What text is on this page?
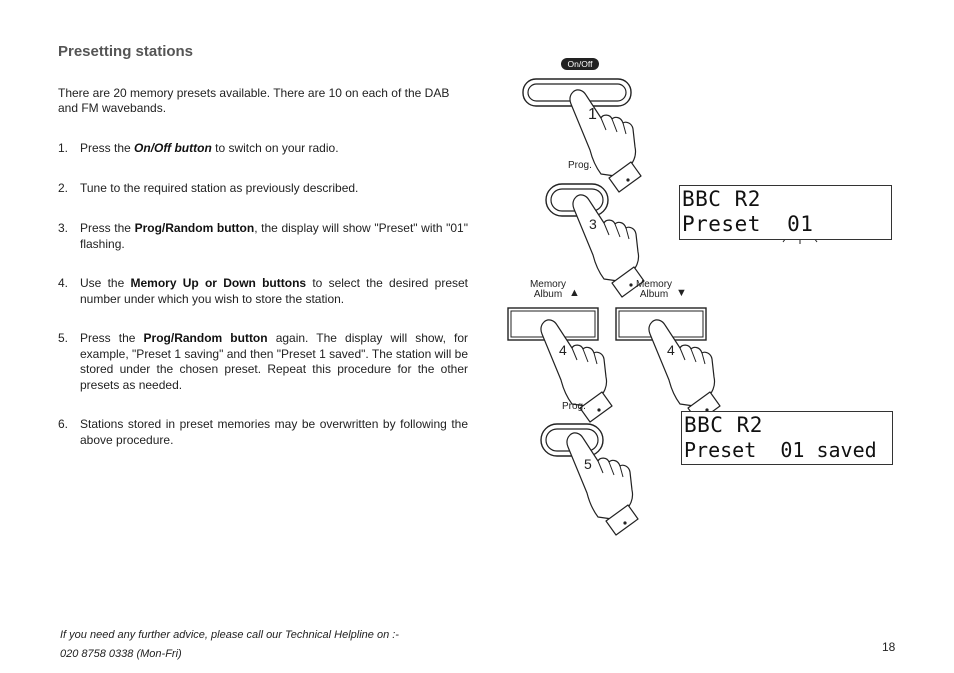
Presetting stations
There are 20 memory presets available. There are 10 on each of the DAB and FM wavebands.
1. Press the On/Off button to switch on your radio.
2. Tune to the required station as previously described.
3. Press the Prog/Random button, the display will show "Preset" with "01" flashing.
4. Use the Memory Up or Down buttons to select the desired preset number under which you wish to store the station.
5. Press the Prog/Random button again. The display will show, for example, "Preset 1 saving" and then "Preset 1 saved". The station will be stored under the chosen preset. Repeat this procedure for the other presets as needed.
6. Stations stored in preset memories may be overwritten by following the above procedure.
If you need any further advice, please call our Technical Helpline on :-
020 8758 0338 (Mon-Fri)	18
On/Off
Prog.
Prog.
Memory
Album ▲
Memory
Album ▼
1
3
4	4
5
BBC R2
Preset 01
BBC R2
Preset  01 saved
